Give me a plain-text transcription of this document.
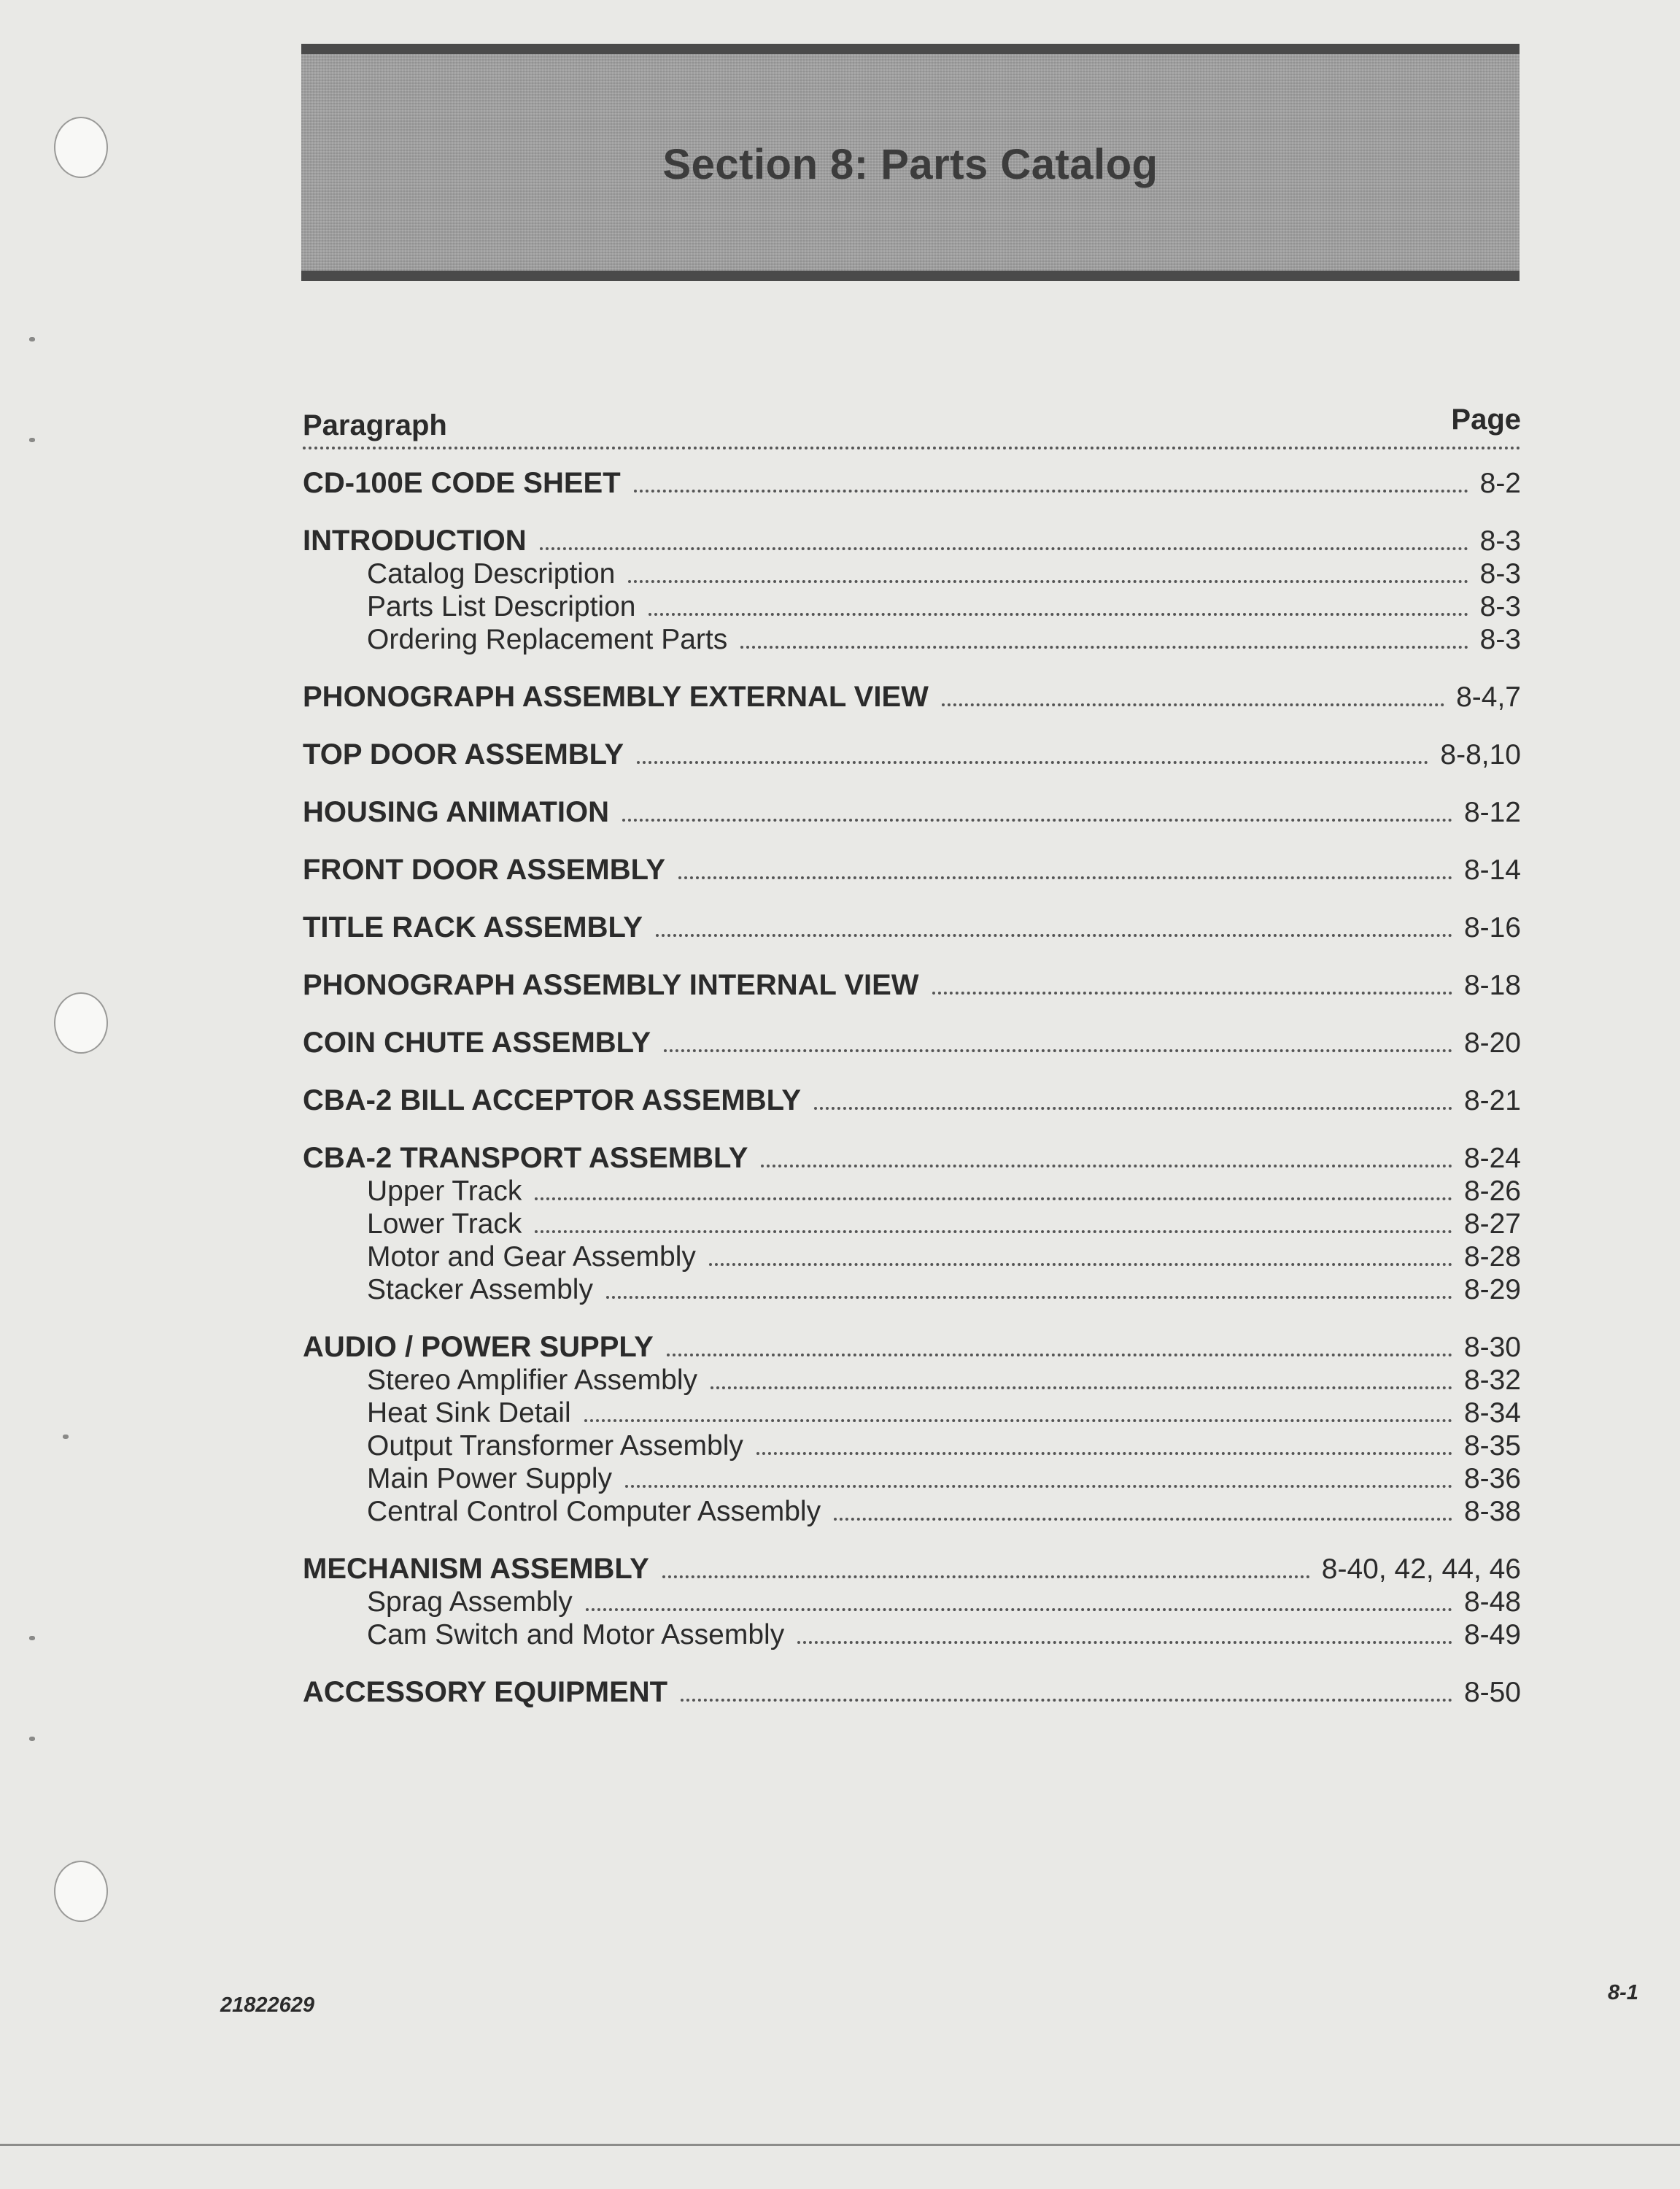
Section 8: Parts Catalog
Paragraph	Page
CD-100E CODE SHEET	8-2
INTRODUCTION	8-3
Catalog Description	8-3
Parts List Description	8-3
Ordering Replacement Parts	8-3
PHONOGRAPH ASSEMBLY EXTERNAL VIEW	8-4,7
TOP DOOR ASSEMBLY	8-8,10
HOUSING ANIMATION	8-12
FRONT DOOR ASSEMBLY	8-14
TITLE RACK ASSEMBLY	8-16
PHONOGRAPH ASSEMBLY INTERNAL VIEW	8-18
COIN CHUTE ASSEMBLY	8-20
CBA-2 BILL ACCEPTOR ASSEMBLY	8-21
CBA-2 TRANSPORT ASSEMBLY	8-24
Upper Track	8-26
Lower Track	8-27
Motor and Gear Assembly	8-28
Stacker Assembly	8-29
AUDIO / POWER SUPPLY	8-30
Stereo Amplifier Assembly	8-32
Heat Sink Detail	8-34
Output Transformer Assembly	8-35
Main Power Supply	8-36
Central Control Computer Assembly	8-38
MECHANISM ASSEMBLY	8-40, 42, 44, 46
Sprag Assembly	8-48
Cam Switch and Motor Assembly	8-49
ACCESSORY EQUIPMENT	8-50
21822629
8-1
